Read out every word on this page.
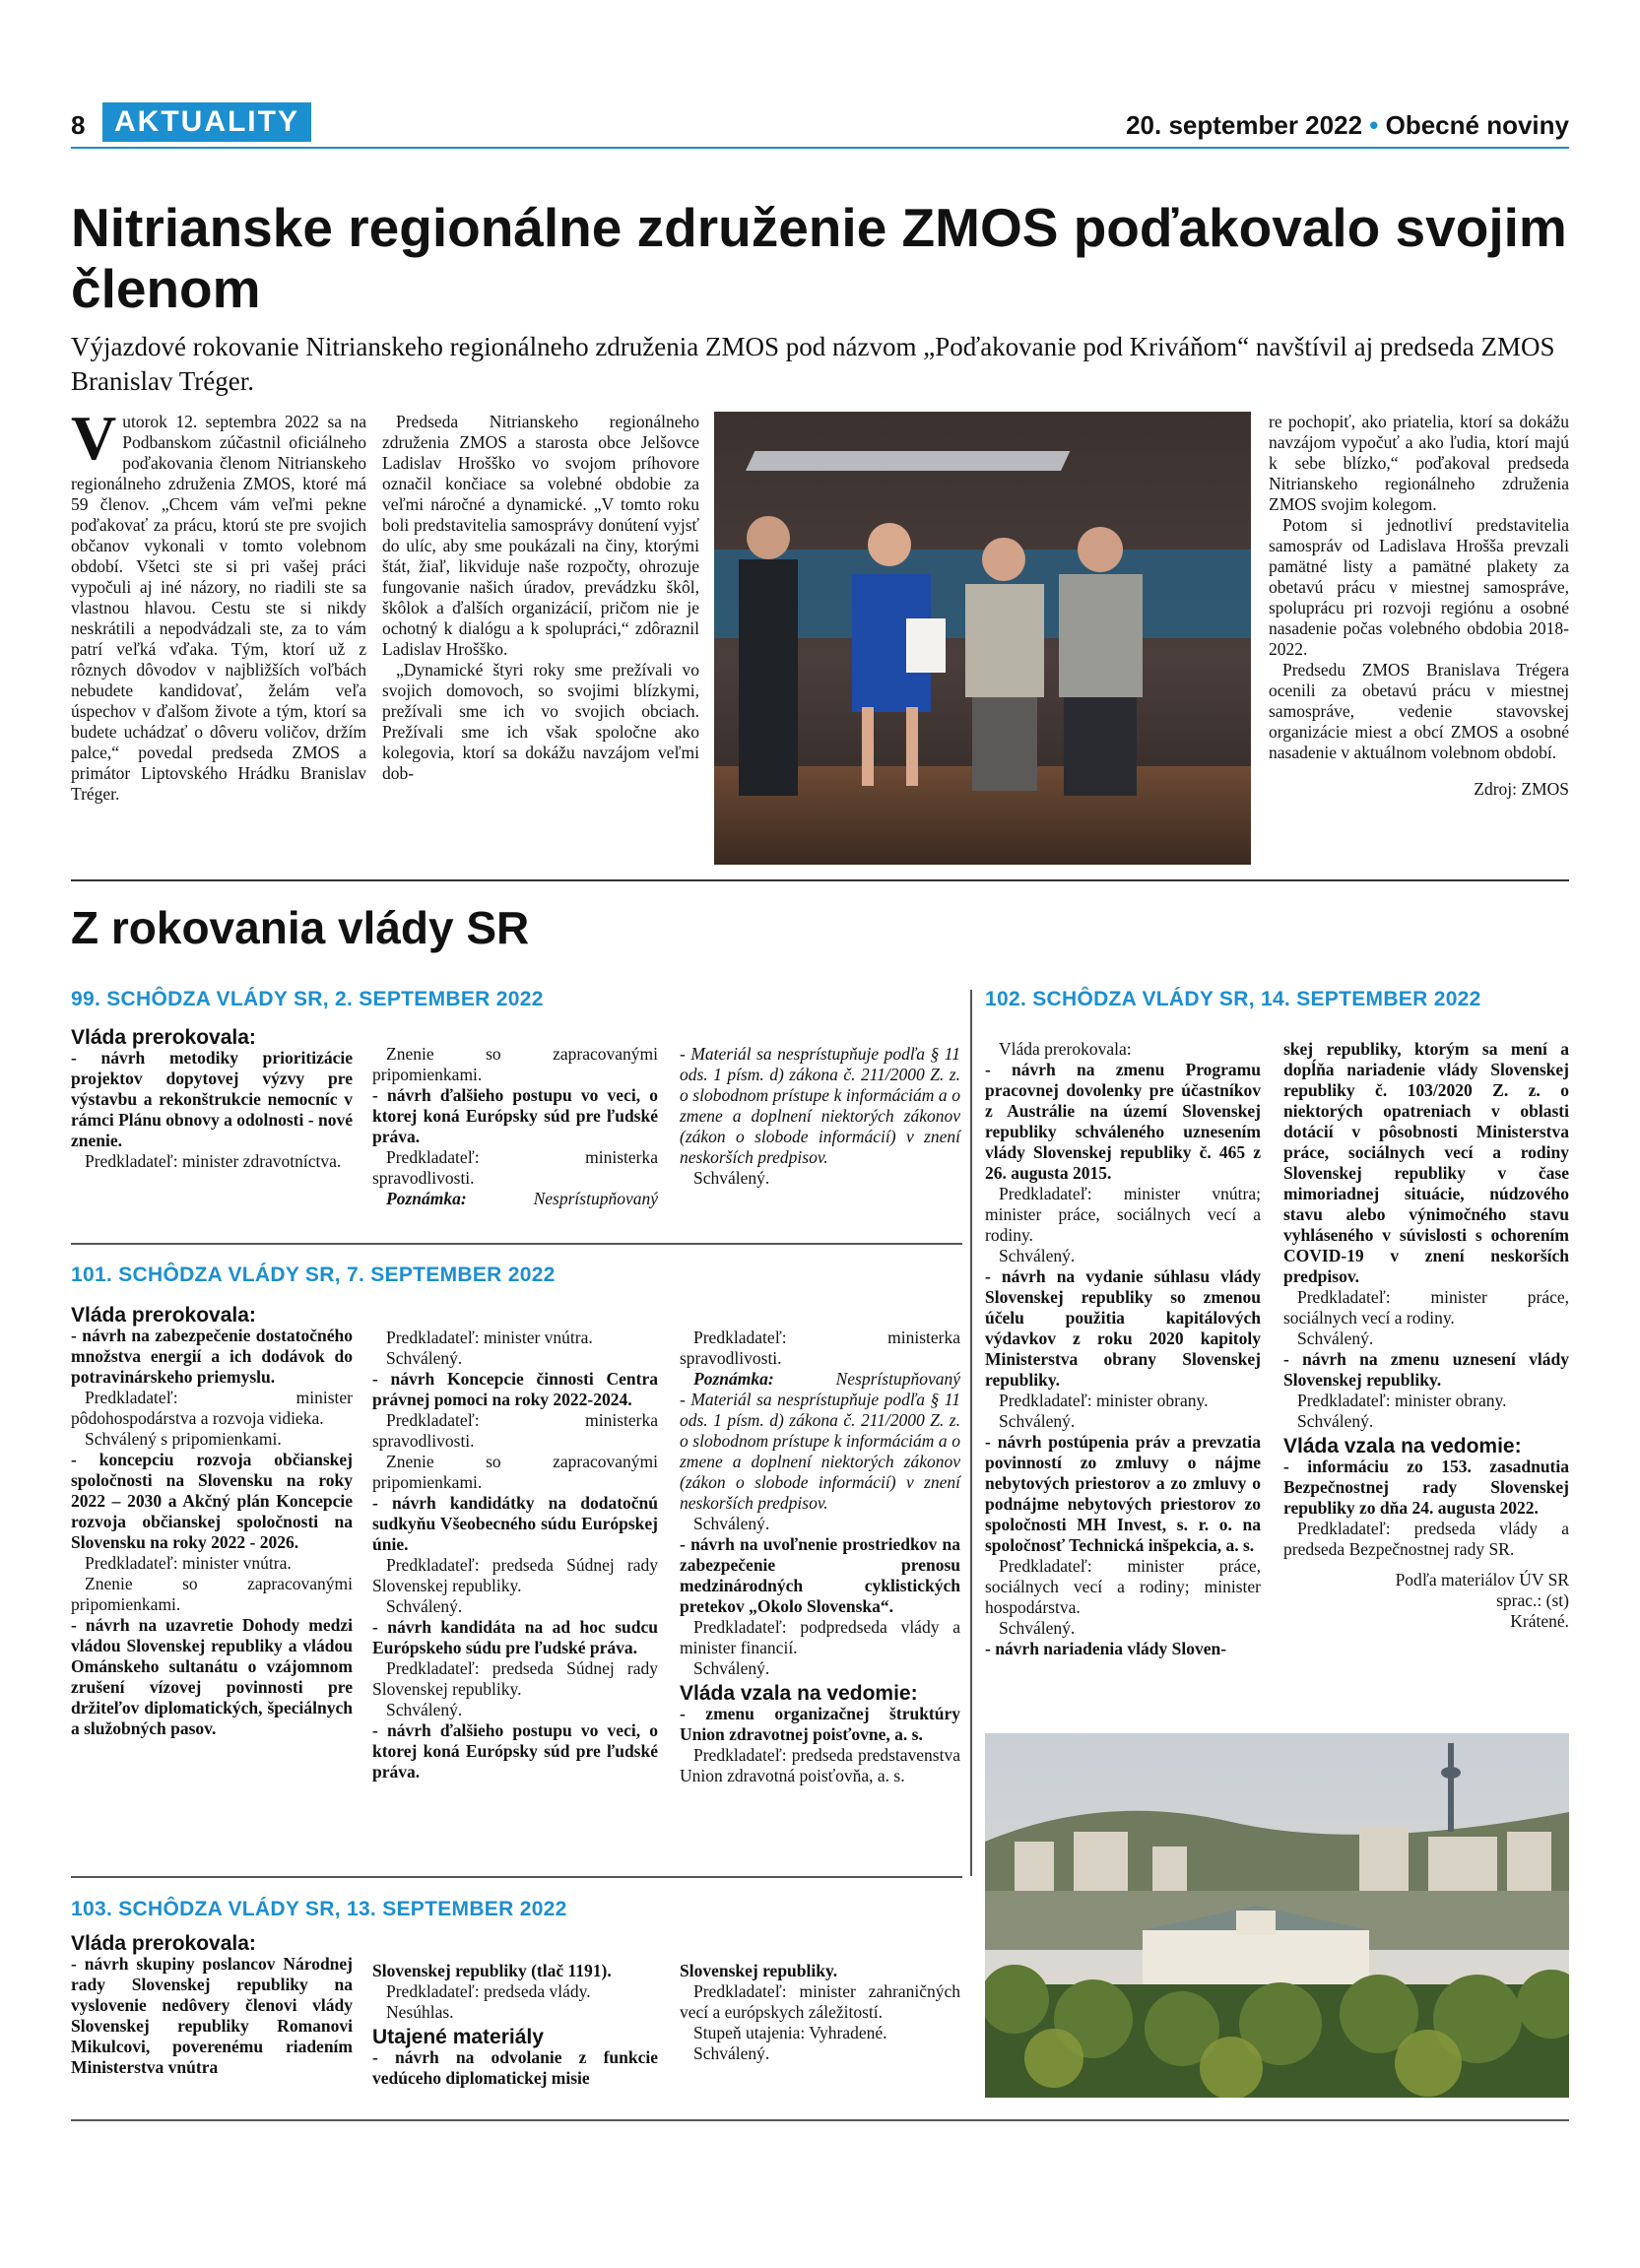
8 AKTUALITY	20. september 2022 • Obecné noviny
Nitrianske regionálne združenie ZMOS poďakovalo svojim členom
Výjazdové rokovanie Nitrianskeho regionálneho združenia ZMOS pod názvom „Poďakovanie pod Kriváňom“ navštívil aj predseda ZMOS Branislav Tréger.
V utorok 12. septembra 2022 sa na Podbanskom zúčastnil oficiálneho poďakovania členom Nitrianskeho regionálneho združenia ZMOS, ktoré má 59 členov. „Chcem vám veľmi pekne poďakovať za prácu, ktorú ste pre svojich občanov vykonali v tomto volebnom období. Všetci ste si pri vašej práci vypočuli aj iné názory, no riadili ste sa vlastnou hlavou. Cestu ste si nikdy neskrátili a nepodvádzali ste, za to vám patrí veľká vďaka. Tým, ktorí už z rôznych dôvodov v najbližších voľbách nebudete kandidovať, želám veľa úspechov v ďalšom živote a tým, ktorí sa budete uchádzať o dôveru voličov, držím palce,“ povedal predseda ZMOS a primátor Liptovského Hrádku Branislav Tréger.

Predseda Nitrianskeho regionálneho združenia ZMOS a starosta obce Jelšovce Ladislav Hrošško vo svojom príhovore označil končiace sa volebné obdobie za veľmi náročné a dynamické. „V tomto roku boli predstavitelia samosprávy donútení vyjsť do ulíc, aby sme poukázali na činy, ktorými štát, žiaľ, likviduje naše rozpočty, ohrozuje fungovanie našich úradov, prevádzku škôl, škôlok a ďalších organizácií, pričom nie je ochotný k dialógu a k spolupráci,“ zdôraznil Ladislav Hrošško.

„Dynamické štyri roky sme prežívali vo svojich domovoch, so svojimi blízkymi, prežívali sme ich vo svojich obciach. Prežívali sme ich však spoločne ako kolegovia, ktorí sa dokážu navzájom veľmi dob-

re pochopiť, ako priatelia, ktorí sa dokážu navzájom vypočuť a ako ľudia, ktorí majú k sebe blízko,“ poďakoval predseda Nitrianskeho regionálneho združenia ZMOS svojim kolegom.

Potom si jednotliví predstavitelia samospráv od Ladislava Hrošša prevzali pamätné listy a pamätné plakety za obetavú prácu v miestnej samospráve, spoluprácu pri rozvoji regiónu a osobné nasadenie počas volebného obdobia 2018-2022.

Predsedu ZMOS Branislava Trégera ocenili za obetavú prácu v miestnej samospráve, vedenie stavovskej organizácie miest a obcí ZMOS a osobné nasadenie v aktuálnom volebnom období.

Zdroj: ZMOS

Z rokovania vlády SR
99. SCHÔDZA VLÁDY SR, 2. SEPTEMBER 2022
Vláda prerokovala:
- návrh metodiky prioritizácie projektov dopytovej výzvy pre výstavbu a rekonštrukcie nemocníc v rámci Plánu obnovy a odolnosti - nové znenie.

Predkladateľ: minister zdravotníctva.

Znenie so zapracovanými pripomienkami.

- návrh ďalšieho postupu vo veci, o ktorej koná Európsky súd pre ľudské práva.

Predkladateľ: ministerka spravodlivosti.

Poznámka:	Nesprístupňovaný

- Materiál sa nesprístupňuje podľa § 11 ods. 1 písm. d) zákona č. 211/2000 Z. z. o slobodnom prístupe k informáciám a o zmene a doplnení niektorých zákonov (zákon o slobode informácií) v znení neskorších predpisov.

Schválený.

101. SCHÔDZA VLÁDY SR, 7. SEPTEMBER 2022
Vláda prerokovala:
- návrh na zabezpečenie dostatočného množstva energií a ich dodávok do potravinárskeho priemyslu.

Predkladateľ: minister pôdohospodárstva a rozvoja vidieka.

Schválený s pripomienkami.

- koncepciu rozvoja občianskej spoločnosti na Slovensku na roky 2022 – 2030 a Akčný plán Koncepcie rozvoja občianskej spoločnosti na Slovensku na roky 2022 - 2026.

Predkladateľ: minister vnútra.

Znenie so zapracovanými pripomienkami.

- návrh na uzavretie Dohody medzi vládou Slovenskej republiky a vládou Ománskeho sultanátu o vzájomnom zrušení vízovej povinnosti pre držiteľov diplomatických, špeciálnych a služobných pasov.

Predkladateľ: minister vnútra.

Schválený.

- návrh Koncepcie činnosti Centra právnej pomoci na roky 2022-2024.

Predkladateľ: ministerka spravodlivosti.

Znenie so zapracovanými pripomienkami.

- návrh kandidátky na dodatočnú sudkyňu Všeobecného súdu Európskej únie.

Predkladateľ: predseda Súdnej rady Slovenskej republiky.

Schválený.

- návrh kandidáta na ad hoc sudcu Európskeho súdu pre ľudské práva.

Predkladateľ: predseda Súdnej rady Slovenskej republiky.

Schválený.

- návrh ďalšieho postupu vo veci, o ktorej koná Európsky súd pre ľudské práva.

Predkladateľ: ministerka spravodlivosti.

Poznámka:	Nesprístupňovaný

- Materiál sa nesprístupňuje podľa § 11 ods. 1 písm. d) zákona č. 211/2000 Z. z. o slobodnom prístupe k informáciám a o zmene a doplnení niektorých zákonov (zákon o slobode informácií) v znení neskorších predpisov.

Schválený.

- návrh na uvoľnenie prostriedkov na zabezpečenie prenosu medzinárodných cyklistických pretekov „Okolo Slovenska“.

Predkladateľ: podpredseda vlády a minister financií.

Schválený.

Vláda vzala na vedomie:
- zmenu organizačnej štruktúry Union zdravotnej poisťovne, a. s.

Predkladateľ: predseda predstavenstva Union zdravotná poisťovňa, a. s.

102. SCHÔDZA VLÁDY SR, 14. SEPTEMBER 2022

Vláda prerokovala:

- návrh na zmenu Programu pracovnej dovolenky pre účastníkov z Austrálie na území Slovenskej republiky schváleného uznesením vlády Slovenskej republiky č. 465 z 26. augusta 2015.

Predkladateľ: minister vnútra; minister práce, sociálnych vecí a rodiny.

Schválený.

- návrh na vydanie súhlasu vlády Slovenskej republiky so zmenou účelu použitia kapitálových výdavkov z roku 2020 kapitoly Ministerstva obrany Slovenskej republiky.

Predkladateľ: minister obrany.

Schválený.

- návrh postúpenia práv a prevzatia povinností zo zmluvy o nájme nebytových priestorov a zo zmluvy o podnájme nebytových priestorov zo spoločnosti MH Invest, s. r. o. na spoločnosť Technická inšpekcia, a. s.

Predkladateľ: minister práce, sociálnych vecí a rodiny; minister hospodárstva.

Schválený.

- návrh nariadenia vlády Sloven-
skej republiky, ktorým sa mení a dopĺňa nariadenie vlády Slovenskej republiky č. 103/2020 Z. z. o niektorých opatreniach v oblasti dotácií v pôsobnosti Ministerstva práce, sociálnych vecí a rodiny Slovenskej republiky v čase mimoriadnej situácie, núdzového stavu alebo výnimočného stavu vyhláseného v súvislosti s ochorením COVID-19 v znení neskorších predpisov.

Predkladateľ: minister práce, sociálnych vecí a rodiny.

Schválený.

- návrh na zmenu uznesení vlády Slovenskej republiky.

Predkladateľ: minister obrany.

Schválený.

Vláda vzala na vedomie:
- informáciu zo 153. zasadnutia Bezpečnostnej rady Slovenskej republiky zo dňa 24. augusta 2022.

Predkladateľ: predseda vlády a predseda Bezpečnostnej rady SR.

Podľa materiálov ÚV SR
sprac.: (st)
Krátené.
103. SCHÔDZA VLÁDY SR, 13. SEPTEMBER 2022
Vláda prerokovala:
- návrh skupiny poslancov Národnej rady Slovenskej republiky na vyslovenie nedôvery členovi vlády Slovenskej republiky Romanovi Mikulcovi, poverenému riadením Ministerstva vnútra
Slovenskej republiky (tlač 1191).

Predkladateľ: predseda vlády.

Nesúhlas.

Utajené materiály
- návrh na odvolanie z funkcie vedúceho diplomatickej misie
Slovenskej republiky.

Predkladateľ: minister zahraničných vecí a európskych záležitostí.

Stupeň utajenia: Vyhradené.

Schválený.
